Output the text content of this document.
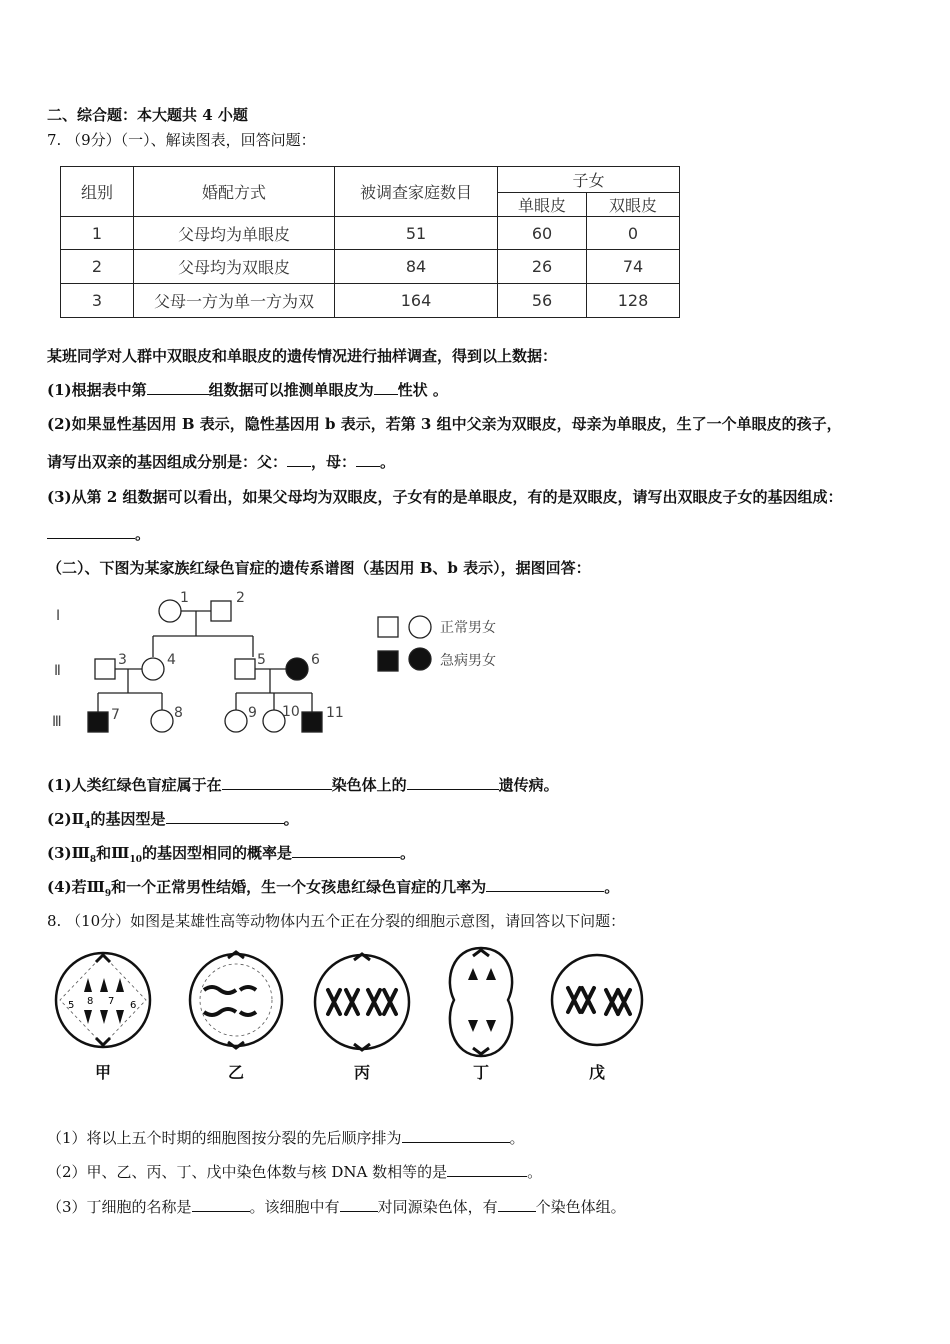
二、综合题：本大题共 4 小题
7. （9分）（一）、解读图表，回答问题：
组别	婚配方式	被调查家庭数目	子女	
			单眼皮	双眼皮
1	父母均为单眼皮	51	60	0
2	父母均为双眼皮	84	26	74
3	父母一方为单一方为双	164	56	128
某班同学对人群中双眼皮和单眼皮的遗传情况进行抽样调查，得到以上数据：
(1)根据表中第	组数据可以推测单眼皮为 性状 。
(2)如果显性基因用 B 表示，隐性基因用 b 表示，若第 3 组中父亲为双眼皮，母亲为单眼皮，生了一个单眼皮的孩子，
请写出双亲的基因组成分别是：父： ，母： 。
(3)从第 2 组数据可以看出，如果父母均为双眼皮，子女有的是单眼皮，有的是双眼皮，请写出双眼皮子女的基因组成：
。
（二）、下图为某家族红绿色盲症的遗传系谱图（基因用 B、b 表示），据图回答：
Ⅰ
Ⅱ
Ⅲ
1	2
3	4	5	6
7	8	9 10 11
正常男女
急病男女
(1)人类红绿色盲症属于在	染色体上的	遗传病。
$(2)Ⅱ_4$的基因型是	。
$(3)Ⅲ_8$和$Ⅲ_{10}$的基因型相同的概率是	。
(4)若$Ⅲ_9$和一个正常男性结婚，生一个女孩患红绿色盲症的几率为	。
8. （10分）如图是某雄性高等动物体内五个正在分裂的细胞示意图，请回答以下问题：
5 8 7 6
甲	乙	丙	丁	戊
（1）将以上五个时期的细胞图按分裂的先后顺序排为	。
（2）甲、乙、丙、丁、戊中染色体数与核 DNA 数相等的是	。
（3）丁细胞的名称是	。该细胞中有	对同源染色体，有	个染色体组。
